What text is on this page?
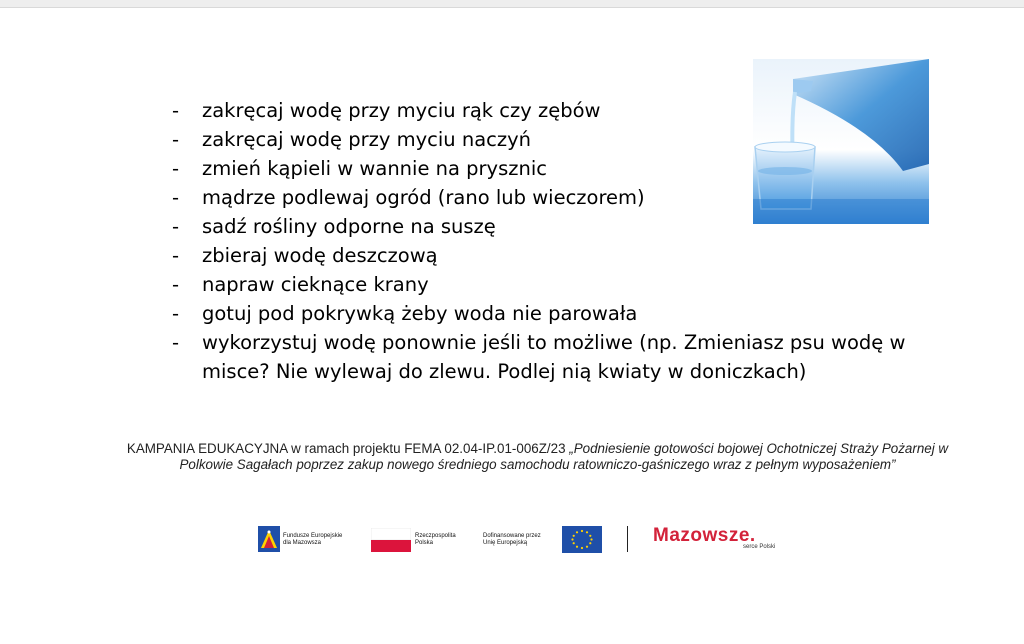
- zakręcaj wodę przy myciu rąk czy zębów
- zakręcaj wodę przy myciu naczyń
- zmień kąpieli w wannie na prysznic
- mądrze podlewaj ogród (rano lub wieczorem)
- sadź rośliny odporne na suszę
- zbieraj wodę deszczową
- napraw cieknące krany
- gotuj pod pokrywką żeby woda nie parowała
- wykorzystuj wodę ponownie jeśli to możliwe (np. Zmieniasz psu wodę w misce? Nie wylewaj do zlewu. Podlej nią kwiaty w doniczkach)
KAMPANIA EDUKACYJNA w ramach projektu FEMA 02.04-IP.01-006Z/23 „Podniesienie gotowości bojowej Ochotniczej Straży Pożarnej w Polkowie Sagałach poprzez zakup nowego średniego samochodu ratowniczo-gaśniczego wraz z pełnym wyposażeniem”
Fundusze Europejskie
dla Mazowsza
Rzeczpospolita
Polska
Dofinansowane przez
Unię Europejską	Mazowsze.
serce Polski
